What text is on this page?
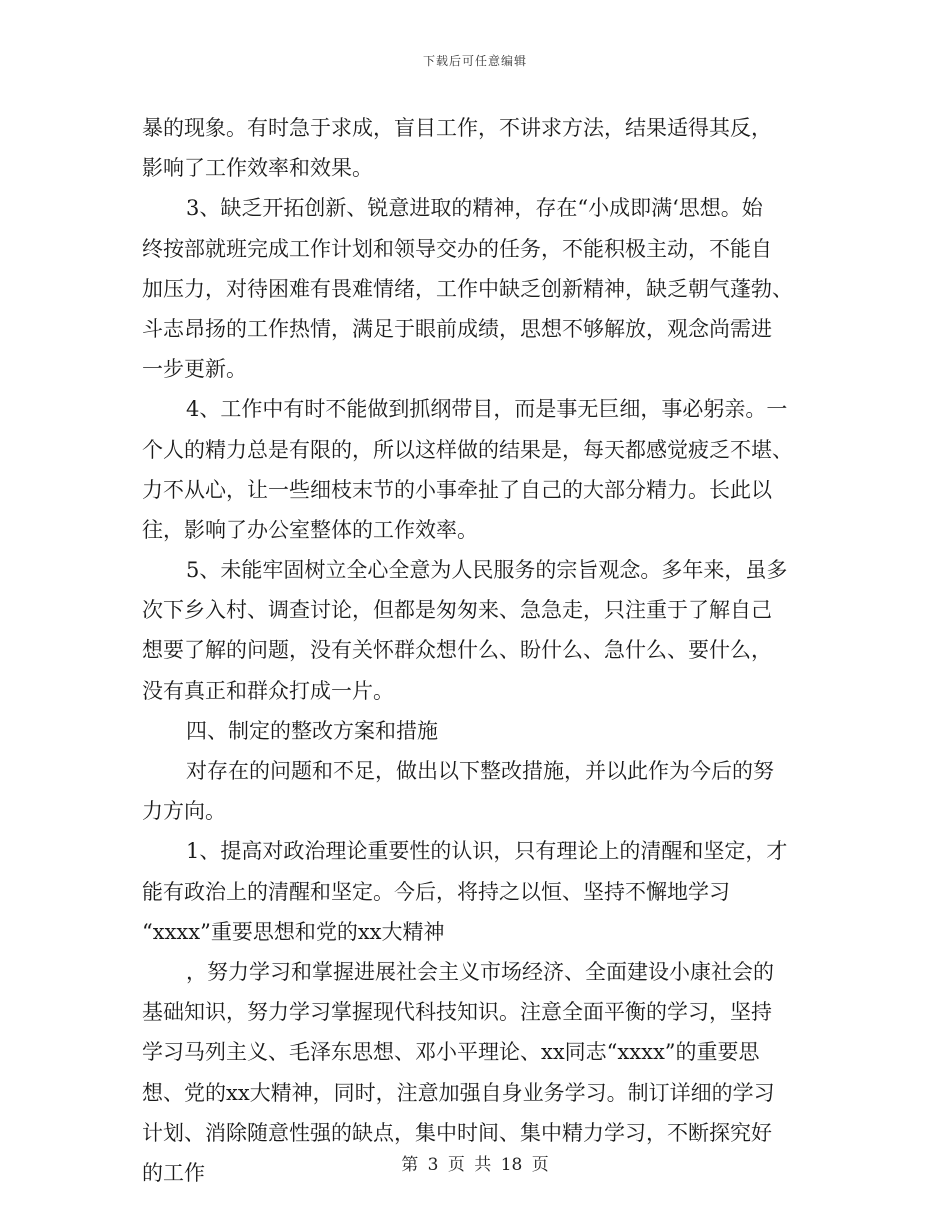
下载后可任意编辑
暴的现象。有时急于求成，盲目工作，不讲求方法，结果适得其反，
影响了工作效率和效果。
3、缺乏开拓创新、锐意进取的精神，存在“小成即满‘思想。始
终按部就班完成工作计划和领导交办的任务，不能积极主动，不能自
加压力，对待困难有畏难情绪，工作中缺乏创新精神，缺乏朝气蓬勃、
斗志昂扬的工作热情，满足于眼前成绩，思想不够解放，观念尚需进
一步更新。
4、工作中有时不能做到抓纲带目，而是事无巨细，事必躬亲。一
个人的精力总是有限的，所以这样做的结果是，每天都感觉疲乏不堪、
力不从心，让一些细枝末节的小事牵扯了自己的大部分精力。长此以
往，影响了办公室整体的工作效率。
5、未能牢固树立全心全意为人民服务的宗旨观念。多年来，虽多
次下乡入村、调查讨论，但都是匆匆来、急急走，只注重于了解自己
想要了解的问题，没有关怀群众想什么、盼什么、急什么、要什么，
没有真正和群众打成一片。
四、制定的整改方案和措施
对存在的问题和不足，做出以下整改措施，并以此作为今后的努
力方向。
1、提高对政治理论重要性的认识，只有理论上的清醒和坚定，才
能有政治上的清醒和坚定。今后，将持之以恒、坚持不懈地学习
“xxxx”重要思想和党的xx大精神
，努力学习和掌握进展社会主义市场经济、全面建设小康社会的
基础知识，努力学习掌握现代科技知识。注意全面平衡的学习，坚持
学习马列主义、毛泽东思想、邓小平理论、xx同志“xxxx”的重要思
想、党的xx大精神，同时，注意加强自身业务学习。制订详细的学习
计划、消除随意性强的缺点，集中时间、集中精力学习，不断探究好
的工作	第 3 页 共 18 页
